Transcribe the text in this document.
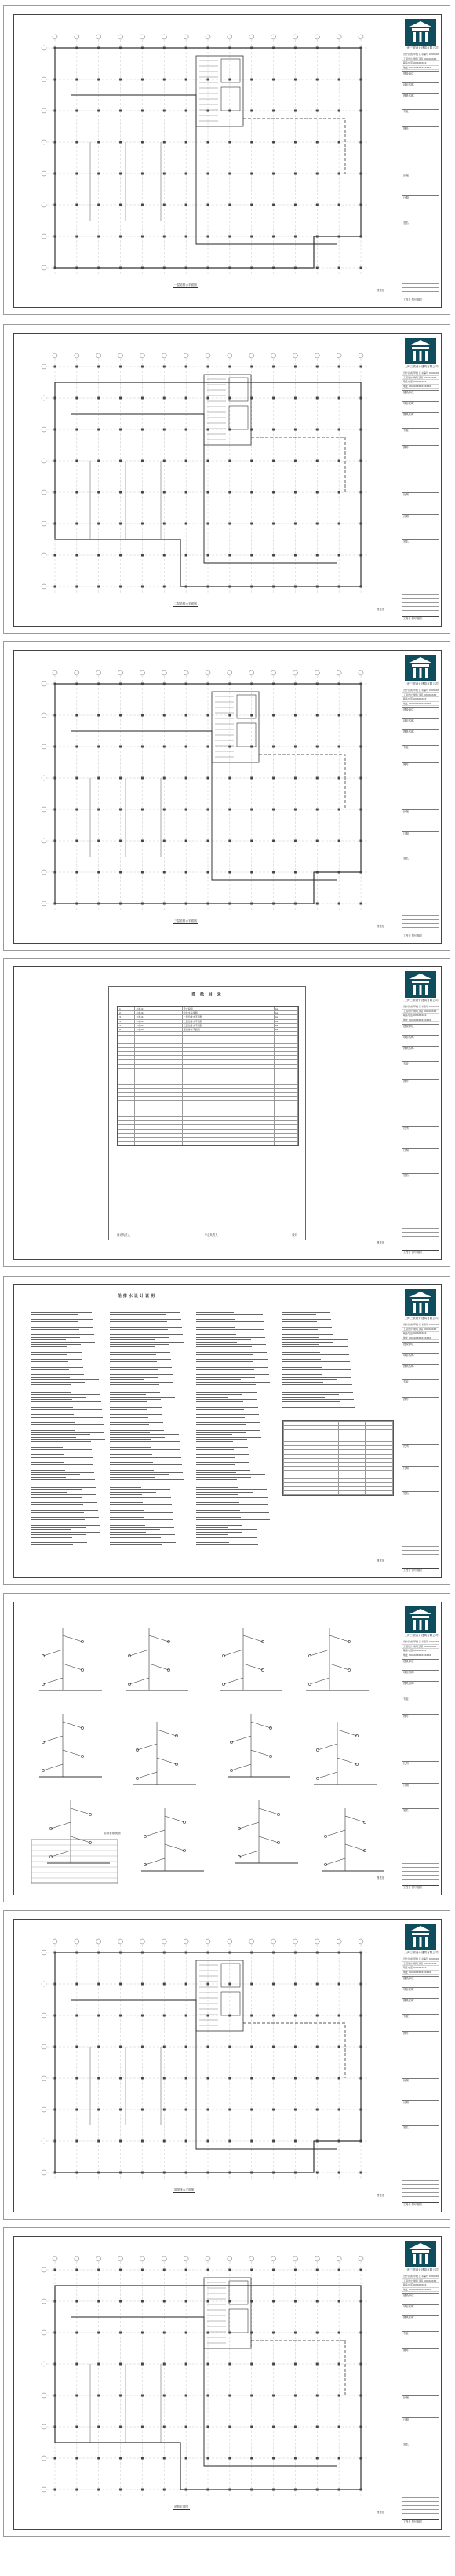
一层给排水平面图
图签处
上海三联设计建筑有限公司
设计资质 甲级 证书编号 XXXXXX
工程设计 建筑工程 XXXXXXXX
联系电话 XXXXXXXX
地址 XXXXXXXXXXXXXX
建设单位
项目名称
图纸名称
专业
图号
比例
日期
签名
工程号 图号 版次
二层给排水平面图
图签处
上海三联设计建筑有限公司
设计资质 甲级 证书编号 XXXXXX
工程设计 建筑工程 XXXXXXXX
联系电话 XXXXXXXX
地址 XXXXXXXXXXXXXX
建设单位
项目名称
图纸名称
专业
图号
比例
日期
签名
工程号 图号 版次
三层给排水平面图
图签处
上海三联设计建筑有限公司
设计资质 甲级 证书编号 XXXXXX
工程设计 建筑工程 XXXXXXXX
联系电话 XXXXXXXX
地址 XXXXXXXXXXXXXX
建设单位
项目名称
图纸名称
专业
图号
比例
日期
签名
工程号 图号 版次
图 纸 目 录
1	水施-01	设计说明	A2
2	水施-02	给排水系统图	A2
3	水施-03	一层给排水平面图	A2
4	水施-04	二层给排水平面图	A2
5	水施-05	三层给排水平面图	A2
6	水施-06	屋顶排水平面图	A2

设计负责人	专业负责人	校对
图签处
上海三联设计建筑有限公司
设计资质 甲级 证书编号 XXXXXX
工程设计 建筑工程 XXXXXXXX
联系电话 XXXXXXXX
地址 XXXXXXXXXXXXXX
建设单位
项目名称
图纸名称
专业
图号
比例
日期
签名
工程号 图号 版次
给排水设计说明

图签处
上海三联设计建筑有限公司
设计资质 甲级 证书编号 XXXXXX
工程设计 建筑工程 XXXXXXXX
联系电话 XXXXXXXX
地址 XXXXXXXXXXXXXX
建设单位
项目名称
图纸名称
专业
图号
比例
日期
签名
工程号 图号 版次
给排水系统图
图签处
上海三联设计建筑有限公司
设计资质 甲级 证书编号 XXXXXX
工程设计 建筑工程 XXXXXXXX
联系电话 XXXXXXXX
地址 XXXXXXXXXXXXXX
建设单位
项目名称
图纸名称
专业
图号
比例
日期
签名
工程号 图号 版次
屋顶排水平面图
图签处
上海三联设计建筑有限公司
设计资质 甲级 证书编号 XXXXXX
工程设计 建筑工程 XXXXXXXX
联系电话 XXXXXXXX
地址 XXXXXXXXXXXXXX
建设单位
项目名称
图纸名称
专业
图号
比例
日期
签名
工程号 图号 版次
消防平面图
图签处
上海三联设计建筑有限公司
设计资质 甲级 证书编号 XXXXXX
工程设计 建筑工程 XXXXXXXX
联系电话 XXXXXXXX
地址 XXXXXXXXXXXXXX
建设单位
项目名称
图纸名称
专业
图号
比例
日期
签名
工程号 图号 版次
